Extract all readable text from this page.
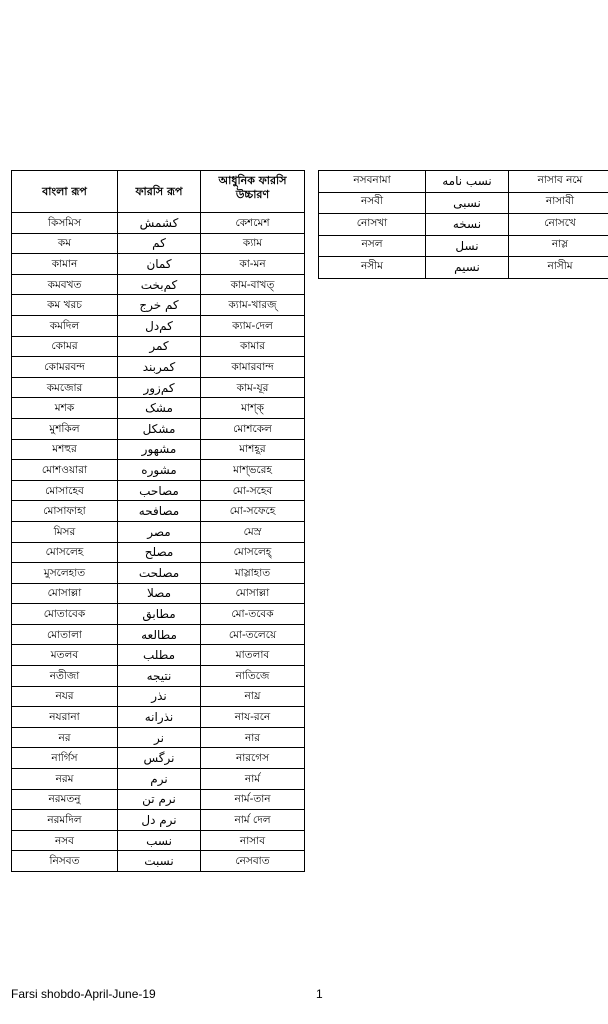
বাংলা রূপ	ফারসি রূপ	আধুনিক ফারসি উচ্চারণ
কিসমিস	کشمش	কেশমেশ
কম	کم	ক্যাম
কামান	کمان	কা-মন
কমবখত	کم‌بخت	কাম-বাখত্
কম খরচ	کم خرج	ক্যাম-খারজ্
কমদিল	کم‌دل	ক্যাম-দেল
কোমর	کمر	কামার
কোমরবন্দ	کمربند	কামারবান্দ
কমজোর	کم‌زور	কাম-যূর
মশক	مشک	মাশ্ক্
মুশকিল	مشکل	মোশকেল
মশহুর	مشهور	মাশহূর
মোশওয়ারা	مشوره	মাশ্ভরেহ
মোসাহেব	مصاحب	মো-সহেব
মোসাফাহা	مصافحه	মো-সফেহে
মিসর	مصر	মেস্র
মোসলেহ	مصلح	মোসলেহ্
মুসলেহাত	مصلحت	মাস্লাহাত
মোসাল্লা	مصلا	মোসাল্লা
মোতাবেক	مطابق	মো-তবেক
মোতালা	مطالعه	মো-তলেয়ে
মতলব	مطلب	মাতলাব
নতীজা	نتیجه	নাতিজে
নযর	نذر	নায্র
নযরানা	نذرانه	নায-রনে
নর	نر	নার
নার্গিস	نرگس	নারগেস
নরম	نرم	নার্ম
নরমতনু	نرم تن	নার্ম-তান
নরমদিল	نرم دل	নার্ম দেল
নসব	نسب	নাসাব
নিসবত	نسبت	নেসবাত
নসবনামা	نسب نامه	নাসাব নমে
নসবী	نسبی	নাসাবী
নোসখা	نسخه	নোসখে
নসল	نسل	নাস্ল
নসীম	نسیم	নাসীম
Farsi shobdo-April-June-19	1
